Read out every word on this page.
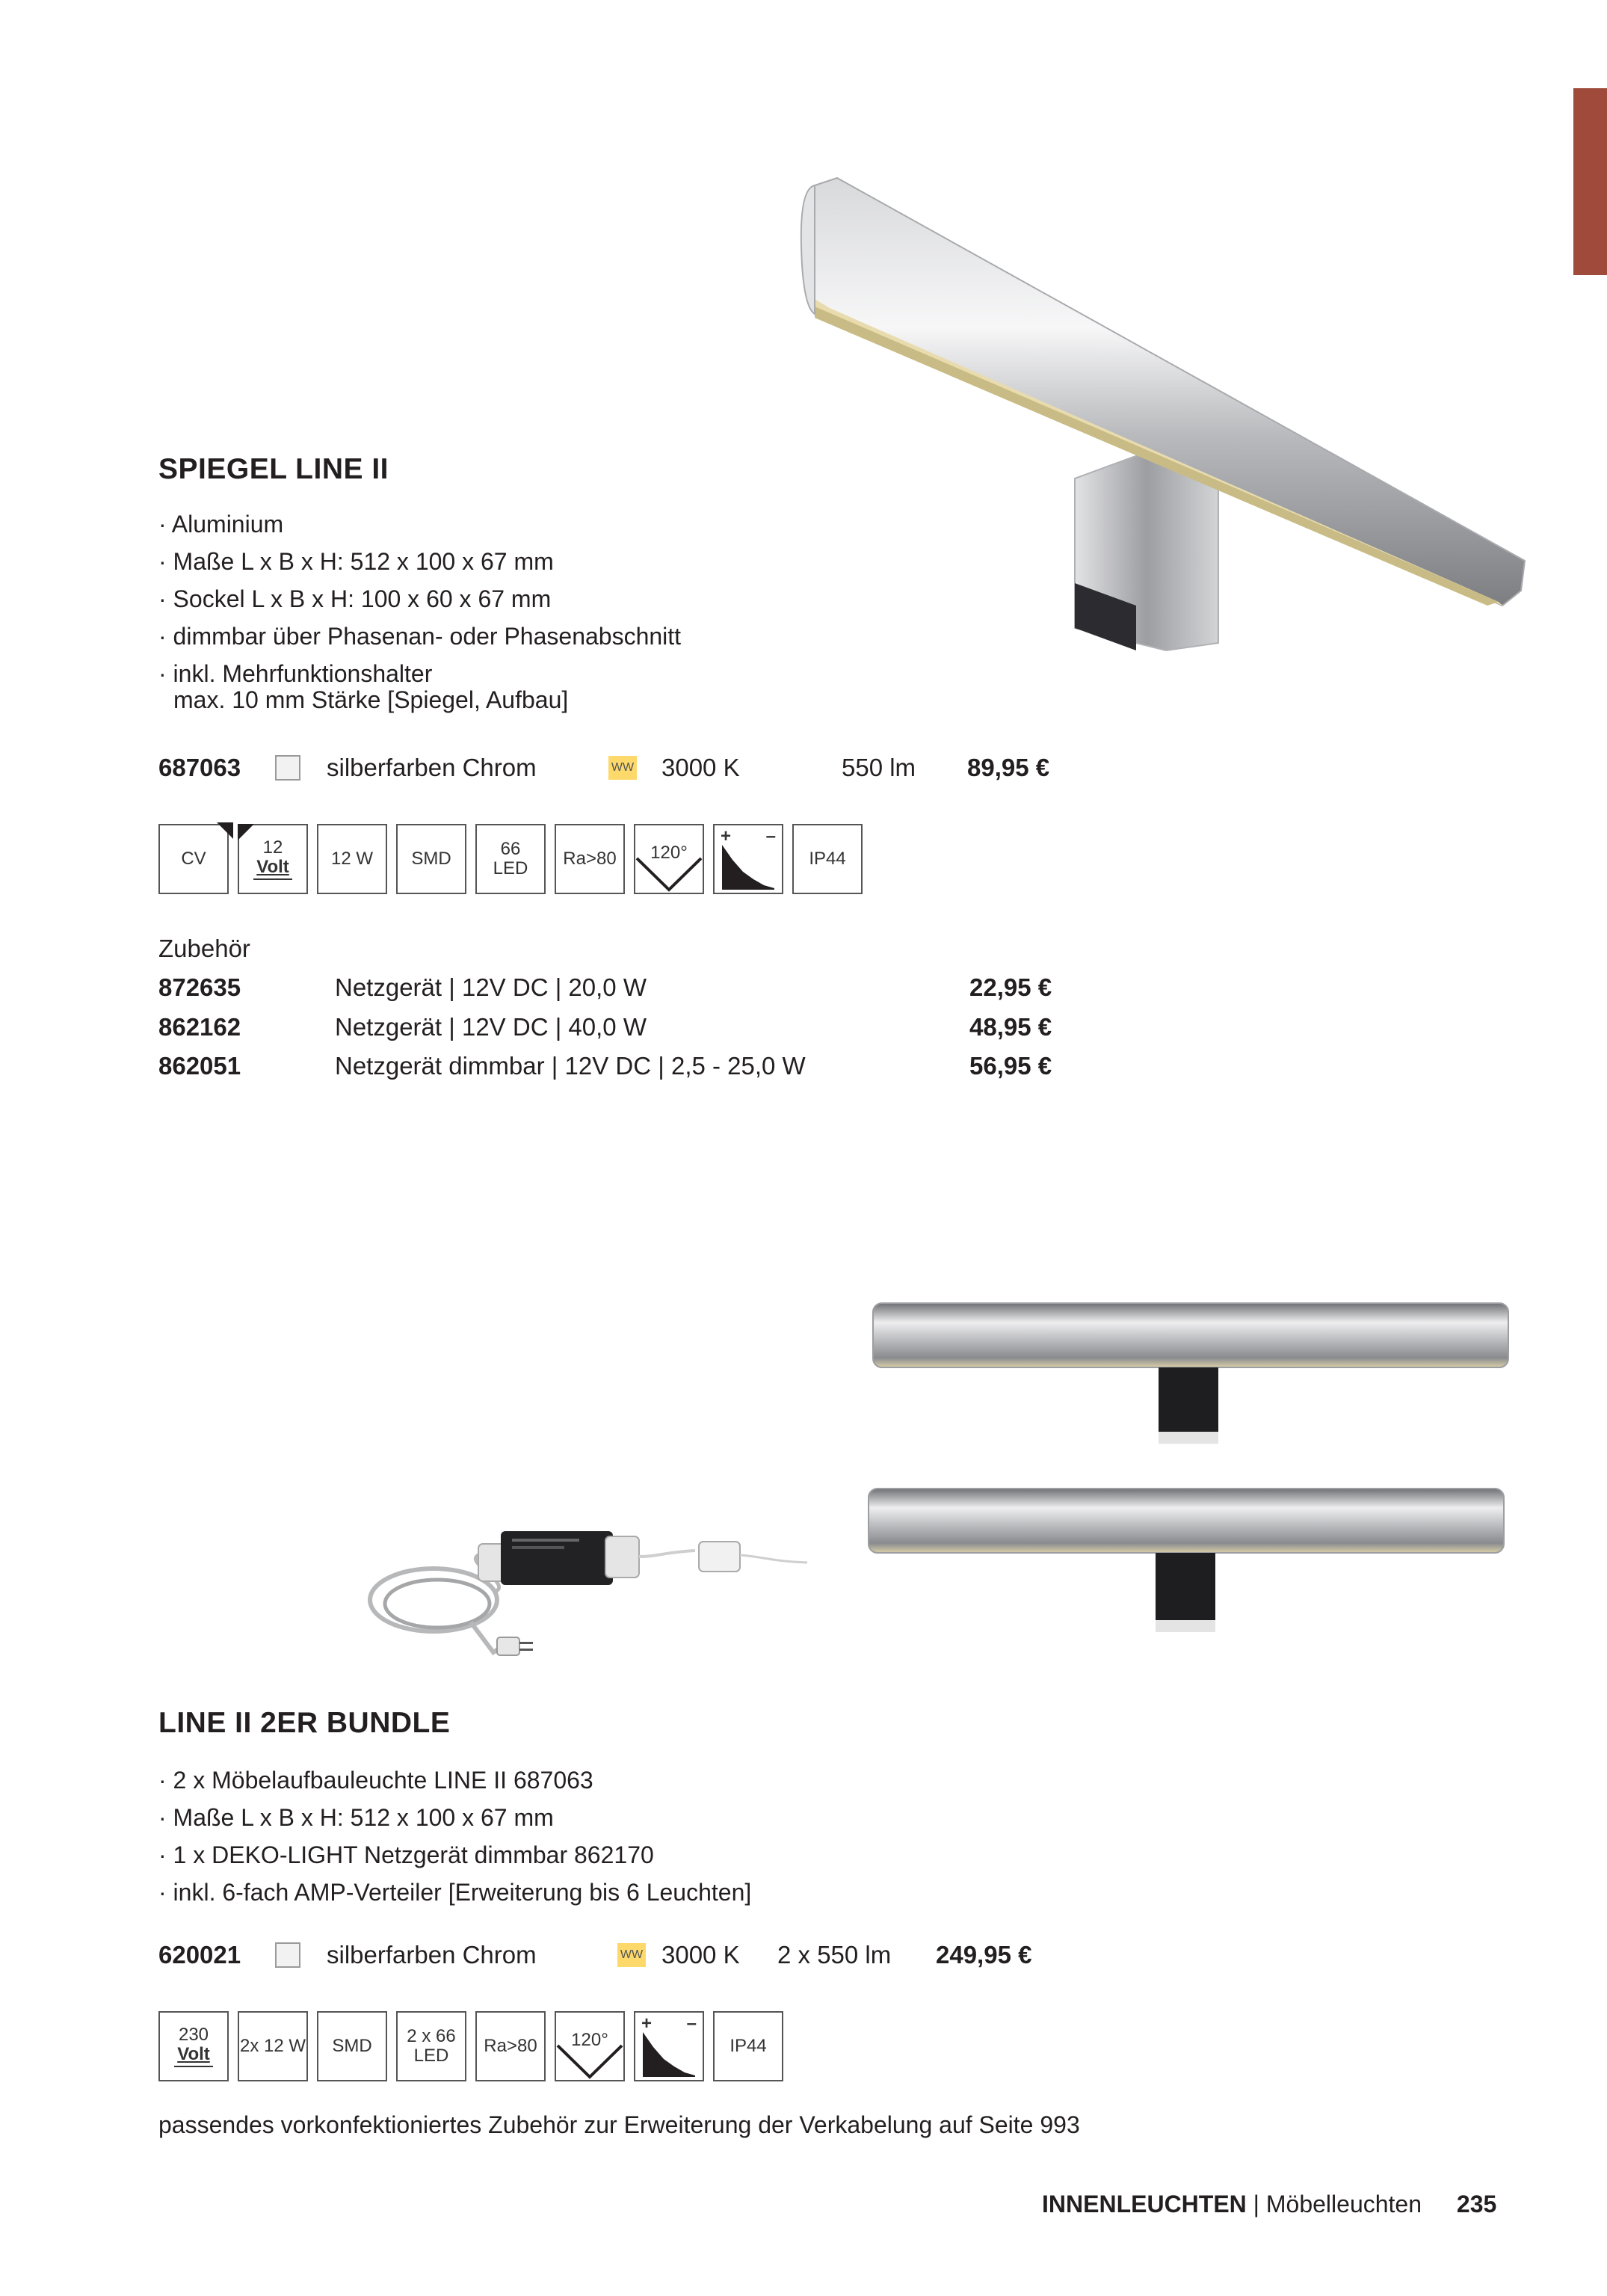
SPIEGEL LINE II
· Aluminium
· Maße L x B x H: 512 x 100 x 67 mm
· Sockel L x B x H: 100 x 60 x 67 mm
· dimmbar über Phasenan- oder Phasenabschnitt
· inkl. Mehrfunktionshalter
max. 10 mm Stärke [Spiegel, Aufbau]
687063	silberfarben Chrom	WW 3000 K	550 lm 89,95 €
CV
12
Volt 12 W SMD	66
LED Ra>80 120°
+ –
IP44
Zubehör
872635	Netzgerät | 12V DC | 20,0 W	22,95 €
862162	Netzgerät | 12V DC | 40,0 W	48,95 €
862051	Netzgerät dimmbar | 12V DC | 2,5 - 25,0 W	56,95 €
LINE II 2ER BUNDLE
· 2 x Möbelaufbauleuchte LINE II 687063
· Maße L x B x H: 512 x 100 x 67 mm
· 1 x DEKO-LIGHT Netzgerät dimmbar 862170
· inkl. 6-fach AMP-Verteiler [Erweiterung bis 6 Leuchten]
620021	silberfarben Chrom	WW 3000 K 2 x 550 lm 249,95 €
230
Volt 2x 12 W SMD 2 x 66
LED Ra>80 120°
+ –
IP44
passendes vorkonfektioniertes Zubehör zur Erweiterung der Verkabelung auf Seite 993
INNENLEUCHTEN | Möbelleuchten 235
